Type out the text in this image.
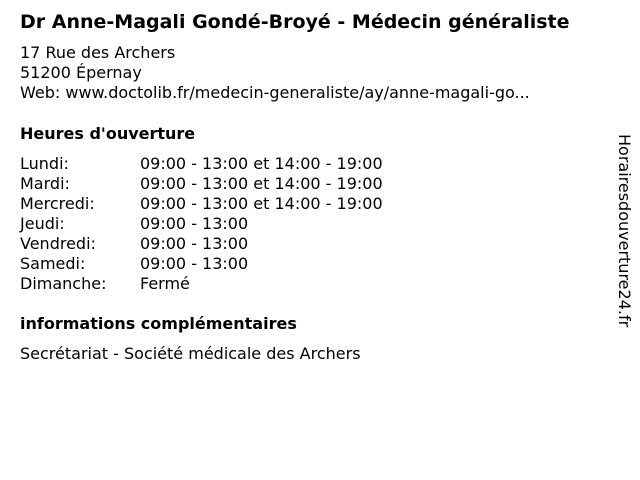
Dr Anne-Magali Gondé-Broyé - Médecin généraliste
17 Rue des Archers
51200 Épernay
Web: www.doctolib.fr/medecin-generaliste/ay/anne-magali-go...
Heures d'ouverture
Lundi:	09:00 - 13:00 et 14:00 - 19:00
Mardi:	09:00 - 13:00 et 14:00 - 19:00
Mercredi:	09:00 - 13:00 et 14:00 - 19:00
Jeudi:	09:00 - 13:00
Vendredi:	09:00 - 13:00
Samedi:	09:00 - 13:00
Dimanche:	Fermé
informations complémentaires
Secrétariat - Société médicale des Archers
Horairesdouverture24.fr
